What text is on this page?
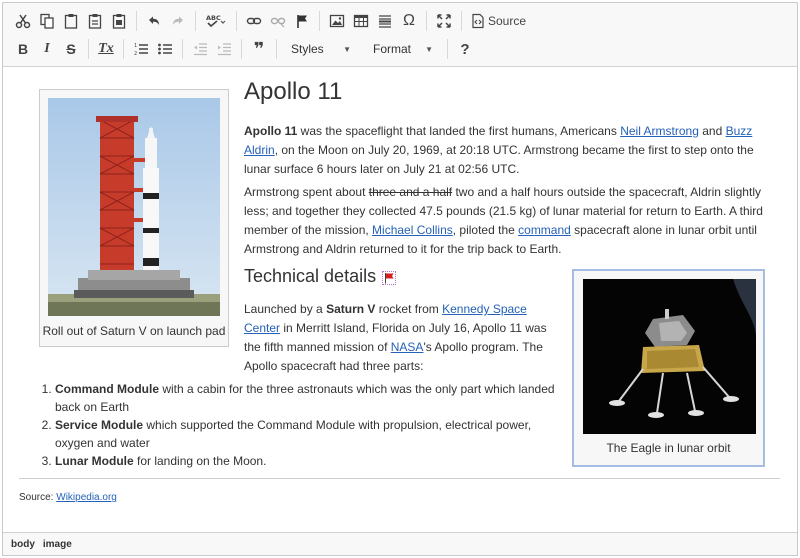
ABC	Ω	Source
B I S Tx	1
2	❞ Styles ▼ Format ▼ ?
Roll out of Saturn V on launch pad
Apollo 11

Apollo 11 was the spaceflight that landed the first humans, Americans Neil Armstrong and Buzz Aldrin, on the Moon on July 20, 1969, at 20:18 UTC. Armstrong became the first to step onto the lunar surface 6 hours later on July 21 at 02:56 UTC.

Armstrong spent about three and a half two and a half hours outside the spacecraft, Aldrin slightly less; and together they collected 47.5 pounds (21.5 kg) of lunar material for return to Earth. A third member of the mission, Michael Collins, piloted the command spacecraft alone in lunar orbit until Armstrong and Aldrin returned to it for the trip back to Earth.

Technical details

Launched by a Saturn V rocket from Kennedy Space Center in Merritt Island, Florida on July 16, Apollo 11 was the fifth manned mission of NASA's Apollo program. The Apollo spacecraft had three parts:

The Eagle in lunar orbit
1. Command Module with a cabin for the three astronauts which was the only part which landed back on Earth
2. Service Module which supported the Command Module with propulsion, electrical power, oxygen and water
3. Lunar Module for landing on the Moon.
Source: Wikipedia.org
body image
